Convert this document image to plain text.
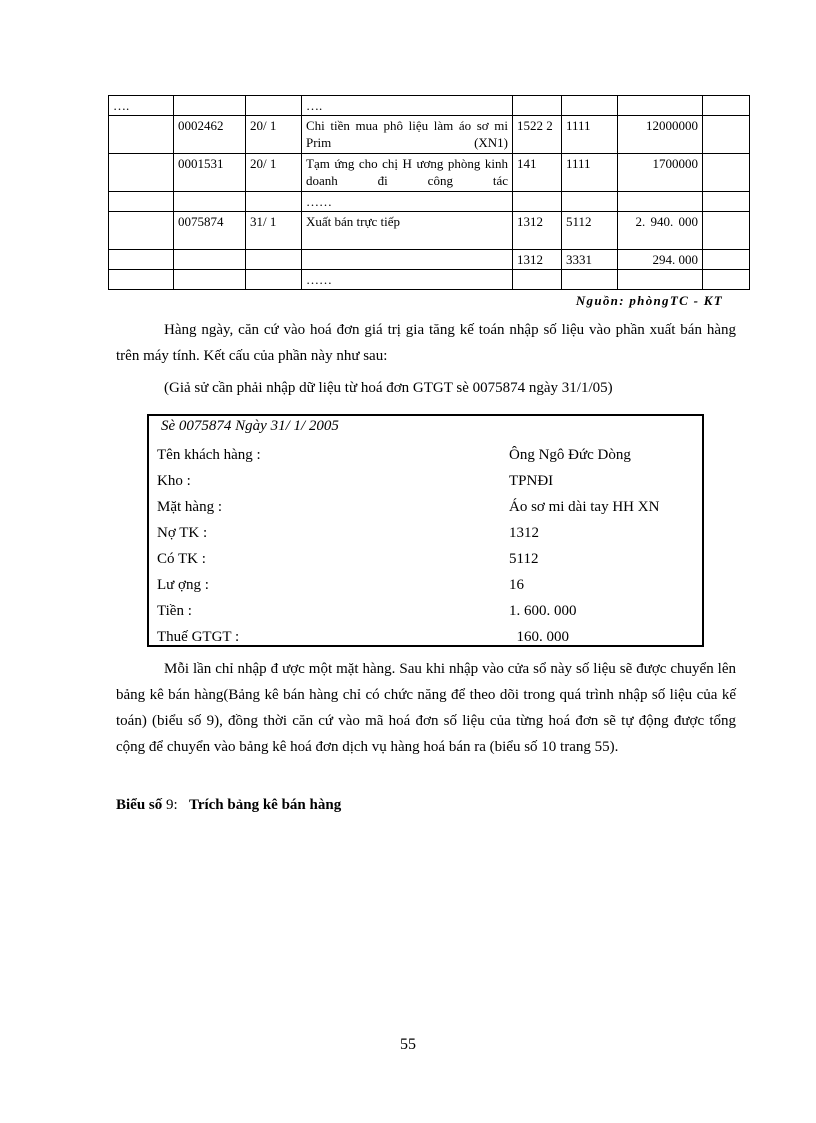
….			….				
	0002462	20/ 1	Chi tiền mua phô liệu làm áo sơ mi Prim (XN1)	1522 2	1111	12000000	
	0001531	20/ 1	Tạm ứng cho chị H ương phòng kinh doanh đi công tác	141	1111	1700000	
			……				
	0075874	31/ 1	Xuất bán trực tiếp	1312	5112	2. 940. 000	
				1312	3331	294. 000	
			……				
Nguồn: phòngTC - KT

Hàng ngày, căn cứ vào hoá đơn giá trị gia tăng kế toán nhập số liệu vào phần xuất bán hàng trên máy tính. Kết cấu của phần này như sau:

(Giả sử cần phải nhập dữ liệu từ hoá đơn GTGT sè 0075874 ngày 31/1/05)
Sè 0075874 Ngày 31/ 1/ 2005
Tên khách hàng :	Ông Ngô Đức Dòng
Kho :	TPNĐI
Mặt hàng :	Áo sơ mi dài tay HH XN
Nợ TK :	1312
Có TK :	5112
Lư ợng :	16
Tiền :	1. 600. 000
Thuế GTGT :	160. 000

Mỗi lần chỉ nhập đ ược một mặt hàng. Sau khi nhập vào cửa sổ này số liệu sẽ được chuyển lên bảng kê bán hàng(Bảng kê bán hàng chỉ có chức năng để theo dõi trong quá trình nhập số liệu của kế toán) (biểu số 9), đồng thời căn cứ vào mã hoá đơn số liệu của từng hoá đơn sẽ tự động được tổng cộng để chuyển vào bảng kê hoá đơn dịch vụ hàng hoá bán ra (biểu số 10 trang 55).

Biểu số 9: Trích bảng kê bán hàng
55
